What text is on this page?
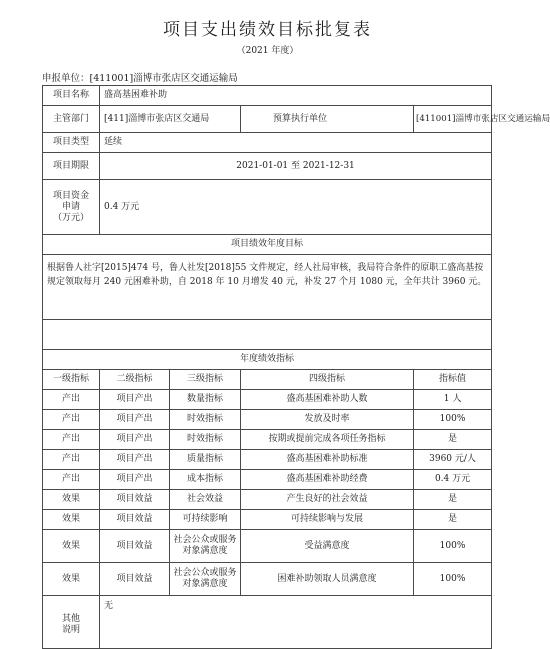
项目支出绩效目标批复表
（2021 年度）
申报单位：[411001]淄博市张店区交通运输局
项目名称	盛高基困难补助			
主管部门	[411]淄博市张店区交通局		预算执行单位	[411001]淄博市张店区交通运输局
项目类型	延续			
项目期限	2021-01-01 至 2021-12-31			

项目资金
申请
（万元）	0.4 万元			
项目绩效年度目标				
根据鲁人社字[2015]474 号，鲁人社发[2018]55 文件规定，经人社局审核，我局符合条件的原职工盛高基按规定领取每月 240 元困难补助，自 2018 年 10 月增发 40 元，补发 27 个月 1080 元，全年共计 3960 元。				

年度绩效指标				
一级指标	二级指标	三级指标	四级指标	指标值
产出	项目产出	数量指标	盛高基困难补助人数	1 人
产出	项目产出	时效指标	发放及时率	100%
产出	项目产出	时效指标	按期或提前完成各项任务指标	是
产出	项目产出	质量指标	盛高基困难补助标准	3960 元/人
产出	项目产出	成本指标	盛高基困难补助经费	0.4 万元
效果	项目效益	社会效益	产生良好的社会效益	是
效果	项目效益	可持续影响	可持续影响与发展	是
效果	项目效益	社会公众或服务对象满意度	受益满意度	100%
效果	项目效益	社会公众或服务对象满意度	困难补助领取人员满意度	100%

其他
说明	无			
